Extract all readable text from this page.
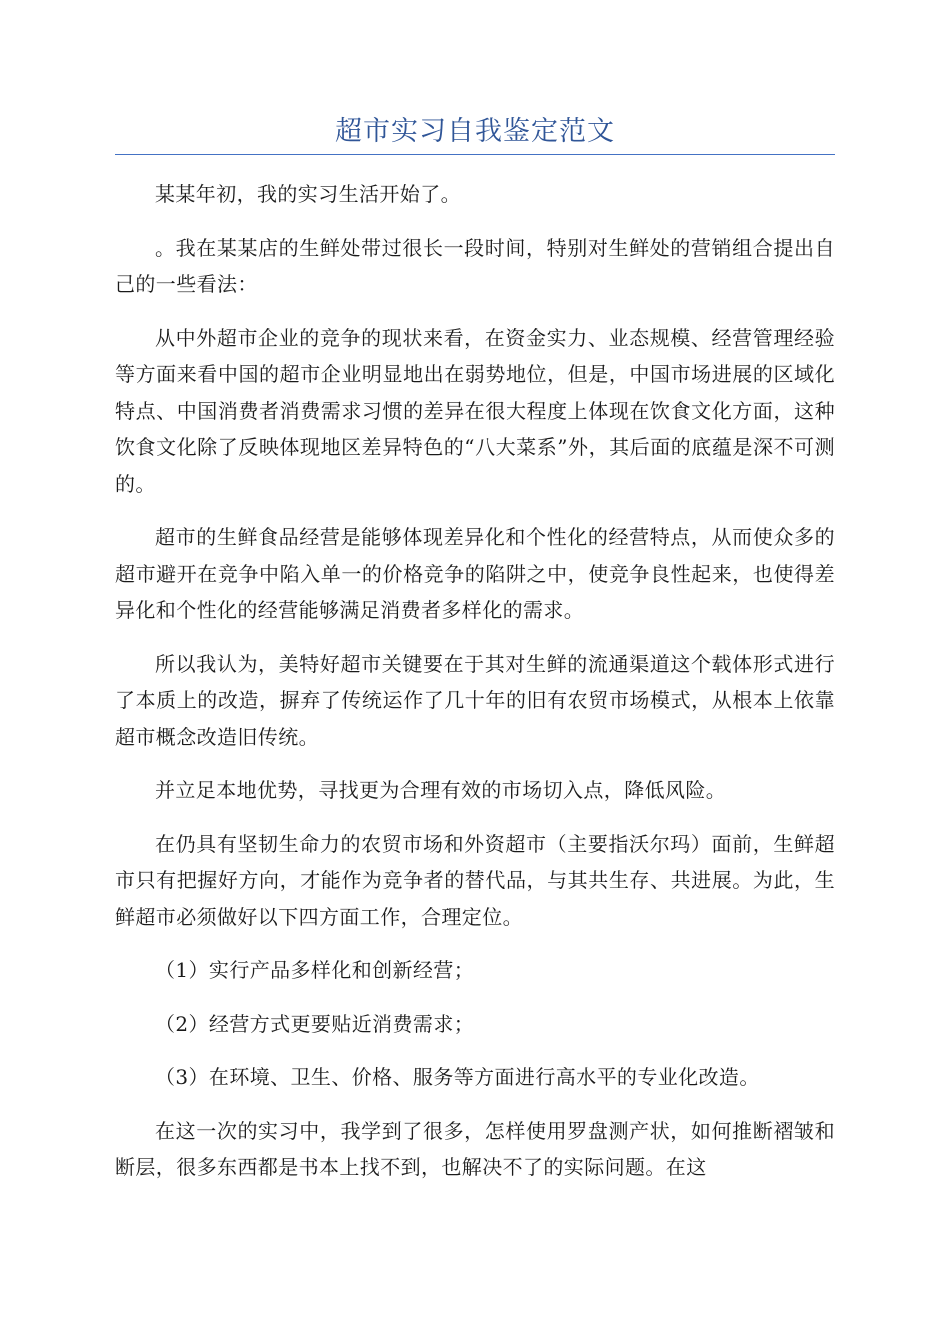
超市实习自我鉴定范文

某某年初，我的实习生活开始了。

。我在某某店的生鲜处带过很长一段时间，特别对生鲜处的营销组合提出自己的一些看法：

从中外超市企业的竞争的现状来看，在资金实力、业态规模、经营管理经验等方面来看中国的超市企业明显地出在弱势地位，但是，中国市场进展的区域化特点、中国消费者消费需求习惯的差异在很大程度上体现在饮食文化方面，这种饮食文化除了反映体现地区差异特色的“八大菜系”外，其后面的底蕴是深不可测的。

超市的生鲜食品经营是能够体现差异化和个性化的经营特点，从而使众多的超市避开在竞争中陷入单一的价格竞争的陷阱之中，使竞争良性起来，也使得差异化和个性化的经营能够满足消费者多样化的需求。

所以我认为，美特好超市关键要在于其对生鲜的流通渠道这个载体形式进行了本质上的改造，摒弃了传统运作了几十年的旧有农贸市场模式，从根本上依靠超市概念改造旧传统。

并立足本地优势，寻找更为合理有效的市场切入点，降低风险。

在仍具有坚韧生命力的农贸市场和外资超市（主要指沃尔玛）面前，生鲜超市只有把握好方向，才能作为竞争者的替代品，与其共生存、共进展。为此，生鲜超市必须做好以下四方面工作，合理定位。

（1）实行产品多样化和创新经营；

（2）经营方式更要贴近消费需求；

（3）在环境、卫生、价格、服务等方面进行高水平的专业化改造。

在这一次的实习中，我学到了很多，怎样使用罗盘测产状，如何推断褶皱和断层，很多东西都是书本上找不到，也解决不了的实际问题。在这
